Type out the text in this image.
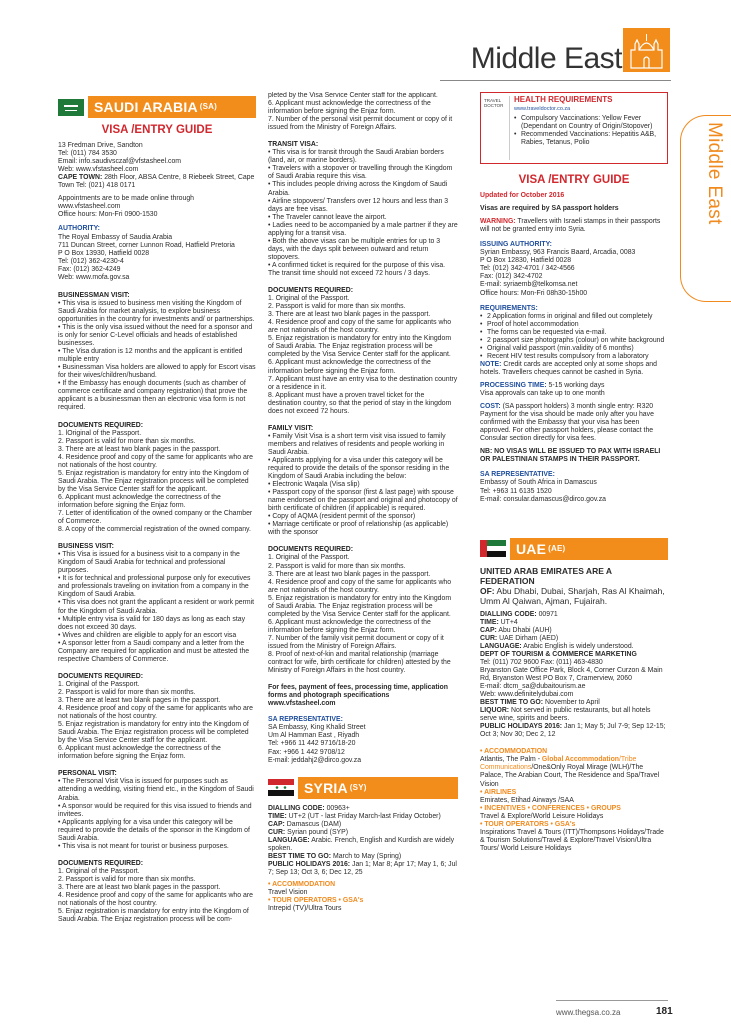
Middle East
Middle East
SAUDI ARABIA (SA)
VISA /ENTRY GUIDE
13 Fredman Drive, Sandton
Tel: (011) 784 3530
Email: info.saudivsczaf@vfstasheel.com
Web: www.vfstasheel.com
CAPE TOWN: 28th Floor, ABSA Centre, 8 Riebeek Street, Cape Town Tel: (021) 418 0171
Appointments are to be made online through
www.vfstasheel.com
Office hours: Mon-Fri 0900-1530
AUTHORITY:
The Royal Embassy of Saudia Arabia
711 Duncan Street, corner Lunnon Road, Hatfield Pretoria
P O Box 13930, Hatfield 0028
Tel: (012) 362-4230-4
Fax: (012) 362-4249
Web: www.mofa.gov.sa
BUSINESSMAN VISIT:
• This visa is issued to business men visiting the Kingdom of Saudi Arabia for market analysis, to explore business opportunities in the country for investments and/ or partnerships.
• This is the only visa issued without the need for a sponsor and is only for senior C-Level officials and heads of established businesses.
• The Visa duration is 12 months and the applicant is entitled multiple entry
• Businessman Visa holders are allowed to apply for Escort visas for their wives/children/husband.
• If the Embassy has enough documents (such as chamber of commerce certificate and company registration) that prove the applicant is a businessman then an electronic visa form is not required.
DOCUMENTS REQUIRED:
1. lOriginal of the Passport.
2. Passport is valid for more than six months.
3. There are at least two blank pages in the passport.
4. Residence proof and copy of the same for applicants who are not nationals of the host country.
5. Enjaz registration is mandatory for entry into the Kingdom of Saudi Arabia. The Enjaz registration process will be completed by the Visa Service Center staff for the applicant.
6. Applicant must acknowledge the correctness of the information before signing the Enjaz form.
7. Letter of identification of the owned company or the Chamber of Commerce.
8. A copy of the commercial registration of the owned company.
BUSINESS VISIT:
• This Visa is issued for a business visit to a company in the Kingdom of Saudi Arabia for technical and professional purposes.
• It is for technical and professional purpose only for executives and professionals traveling on invitation from a company in the Kingdom of Saudi Arabia.
• This visa does not grant the applicant a resident or work permit for the Kingdom of Saudi Arabia.
• Multiple entry visa is valid for 180 days as long as each stay does not exceed 30 days.
• Wives and children are eligible to apply for an escort visa
• A sponsor letter from a Saudi company and a letter from the Company are required for application and must be attested the respective Chambers of Commerce.
DOCUMENTS REQUIRED:
1. Original of the Passport.
2. Passport is valid for more than six months.
3. There are at least two blank pages in the passport.
4. Residence proof and copy of the same for applicants who are not nationals of the host country.
5. Enjaz registration is mandatory for entry into the Kingdom of Saudi Arabia. The Enjaz registration process will be completed by the Visa Service Center staff for the applicant.
6. Applicant must acknowledge the correctness of the information before signing the Enjaz form.
PERSONAL VISIT:
• The Personal Visit Visa is issued for purposes such as attending a wedding, visiting friend etc., in the Kingdom of Saudi Arabia.
• A sponsor would be required for this visa issued to friends and invitees.
• Applicants applying for a visa under this category will be required to provide the details of the sponsor in the Kingdom of Saudi Arabia.
• This visa is not meant for tourist or business purposes.
DOCUMENTS REQUIRED:
1. Original of the Passport.
2. Passport is valid for more than six months.
3. There are at least two blank pages in the passport.
4. Residence proof and copy of the same for applicants who are not nationals of the host country.
5. Enjaz registration is mandatory for entry into the Kingdom of Saudi Arabia. The Enjaz registration process will be com-
pleted by the Visa Service Center staff for the applicant.
6. Applicant must acknowledge the correctness of the information before signing the Enjaz form.
7. Number of the personal visit permit document or copy of it issued from the Ministry of Foreign Affairs.
TRANSIT VISA:
• This visa is for transit through the Saudi Arabian borders (land, air, or marine borders).
• Travelers with a stopover or travelling through the Kingdom of Saudi Arabia require this visa.
• This includes people driving across the Kingdom of Saudi Arabia.
• Airline stopovers/ Transfers over 12 hours and less than 3 days are free visas.
• The Traveler cannot leave the airport.
• Ladies need to be accompanied by a male partner if they are applying for a transit visa.
• Both the above visas can be multiple entries for up to 3 days, with the days split between outward and return stopovers.
• A confirmed ticket is required for the purpose of this visa. The transit time should not exceed 72 hours / 3 days.
DOCUMENTS REQUIRED:
1. Original of the Passport.
2. Passport is valid for more than six months.
3. There are at least two blank pages in the passport.
4. Residence proof and copy of the same for applicants who are not nationals of the host country.
5. Enjaz registration is mandatory for entry into the Kingdom of Saudi Arabia. The Enjaz registration process will be completed by the Visa Service Center staff for the applicant.
6. Applicant must acknowledge the correctness of the information before signing the Enjaz form.
7. Applicant must have an entry visa to the destination country or a residence in it.
8. Applicant must have a proven travel ticket for the destination country, so that the period of stay in the kingdom does not exceed 72 hours.
FAMILY VISIT:
• Family Visit Visa is a short term visit visa issued to family members and relatives of residents and people working in Saudi Arabia.
• Applicants applying for a visa under this category will be required to provide the details of the sponsor residing in the Kingdom of Saudi Arabia including the below:
• Electronic Waqala (Visa slip)
• Passport copy of the sponsor (first & last page) with spouse name endorsed on the passport and original and photocopy of birth certificate of children (if applicable) is required.
• Copy of AQMA (resident permit of the sponsor)
• Marriage certificate or proof of relationship (as applicable) with the sponsor
DOCUMENTS REQUIRED:
1. Original of the Passport.
2. Passport is valid for more than six months.
3. There are at least two blank pages in the passport.
4. Residence proof and copy of the same for applicants who are not nationals of the host country.
5. Enjaz registration is mandatory for entry into the Kingdom of Saudi Arabia. The Enjaz registration process will be completed by the Visa Service Center staff for the applicant.
6. Applicant must acknowledge the correctness of the information before signing the Enjaz form.
7. Number of the family visit permit document or copy of it issued from the Ministry of Foreign Affairs.
8. Proof of next-of-kin and marital relationship (marriage contract for wife, birth certificate for children) attested by the Ministry of Foreign Affairs in the host country.
For fees, payment of fees, processing time, application forms and photograph specifications www.vfstasheel.com
SA REPRESENTATIVE:
SA Embassy, King Khalid Street
Um Al Hamman East , Riyadh
Tel: +966 11 442 9716/18-20
Fax: +966 1 442 9708/12
E-mail: jeddahj2@dirco.gov.za
SYRIA (SY)
DIALLING CODE: 00963+
TIME: UT+2 (UT - last Friday March-last Friday October)
CAP: Damascus (DAM)
CUR: Syrian pound (SYP)
LANGUAGE: Arabic. French, English and Kurdish are widely spoken.
BEST TIME TO GO: March to May (Spring)
PUBLIC HOLIDAYS 2016: Jan 1; Mar 8; Apr 17; May 1, 6; Jul 7; Sep 13; Oct 3, 6; Dec 12, 25
• ACCOMMODATION
Travel Vision
• TOUR OPERATORS • GSA's
Intrepid (TV)/Ultra Tours
TRAVEL DOCTOR
HEALTH REQUIREMENTS www.traveldoctor.co.za
• Compulsory Vaccinations: Yellow Fever (Dependant on Country of Origin/Stopover)
• Recommended Vaccinations: Hepatitis A&B, Rabies, Tetanus, Polio
VISA /ENTRY GUIDE
Updated for October 2016
Visas are required by SA passport holders
WARNING: Travellers with Israeli stamps in their passports will not be granted entry into Syria.
ISSUING AUTHORITY:
Syrian Embassy, 963 Francis Baard, Arcadia, 0083
P O Box 12830, Hatfield 0028
Tel: (012) 342-4701 / 342-4566
Fax: (012) 342-4702
E-mail: syriaemb@telkomsa.net
Office hours: Mon-Fri 08h30-15h00
REQUIREMENTS:
• 2 Application forms in original and filled out completely
• Proof of hotel accommodation
• The forms can be requested via e-mail.
• 2 passport size photographs (colour) on white background
• Original valid passport (min.validity of 6 months)
• Recent HIV test results compulsory from a laboratory
NOTE: Credit cards are accepted only at some shops and hotels. Travellers cheques cannot be cashed in Syria.
PROCESSING TIME: 5-15 working days
Visa approvals can take up to one month
COST: (SA passport holders) 3 month single entry: R320 Payment for the visa should be made only after you have confirmed with the Embassy that your visa has been approved. For other passport holders, please contact the Consular section directly for visa fees.
NB: NO VISAS WILL BE ISSUED TO PAX WITH ISRAELI OR PALESTINIAN STAMPS IN THEIR PASSPORT.
SA REPRESENTATIVE:
Embassy of South Africa in Damascus
Tel: +963 11 6135 1520
E-mail: consular.damascus@dirco.gov.za
UAE (AE)
UNITED ARAB EMIRATES ARE A FEDERATION
OF: Abu Dhabi, Dubai, Sharjah, Ras Al Khaimah, Umm Al Qaiwan, Ajman, Fujairah.
DIALLING CODE: 00971
TIME: UT+4
CAP: Abu Dhabi (AUH)
CUR: UAE Dirham (AED)
LANGUAGE: Arabic English is widely understood.
DEPT OF TOURISM & COMMERCE MARKETING
Tel: (011) 702 9600 Fax: (011) 463-4830
Bryanston Gate Office Park, Block 4, Corner Curzon & Main Rd, Bryanston West PO Box 7, Cramerview, 2060
E-mail: dtcm_sa@dubaitourism.ae
Web: www.definitelydubai.com
BEST TIME TO GO: November to April
LIQUOR: Not served in public restaurants, but all hotels serve wine, spirits and beers.
PUBLIC HOLIDAYS 2016: Jan 1; May 5; Jul 7-9; Sep 12-15; Oct 3; Nov 30; Dec 2, 12
• ACCOMMODATION
Atlantis, The Palm - Global Accommodation/Tribe Communications/One&Only Royal Mirage (WLH)/The Palace, The Arabian Court, The Residence and Spa/Travel Vision
• AIRLINES
Emirates, Etihad Airways /SAA
• INCENTIVES • CONFERENCES • GROUPS
Travel & Explore/World Leisure Holidays
• TOUR OPERATORS • GSA's
Inspirations Travel & Tours (ITT)/Thompsons Holidays/Trade & Tourism Solutions/Travel & Explore/Travel Vision/Ultra Tours/ World Leisure Holidays
www.thegsa.co.za	181
